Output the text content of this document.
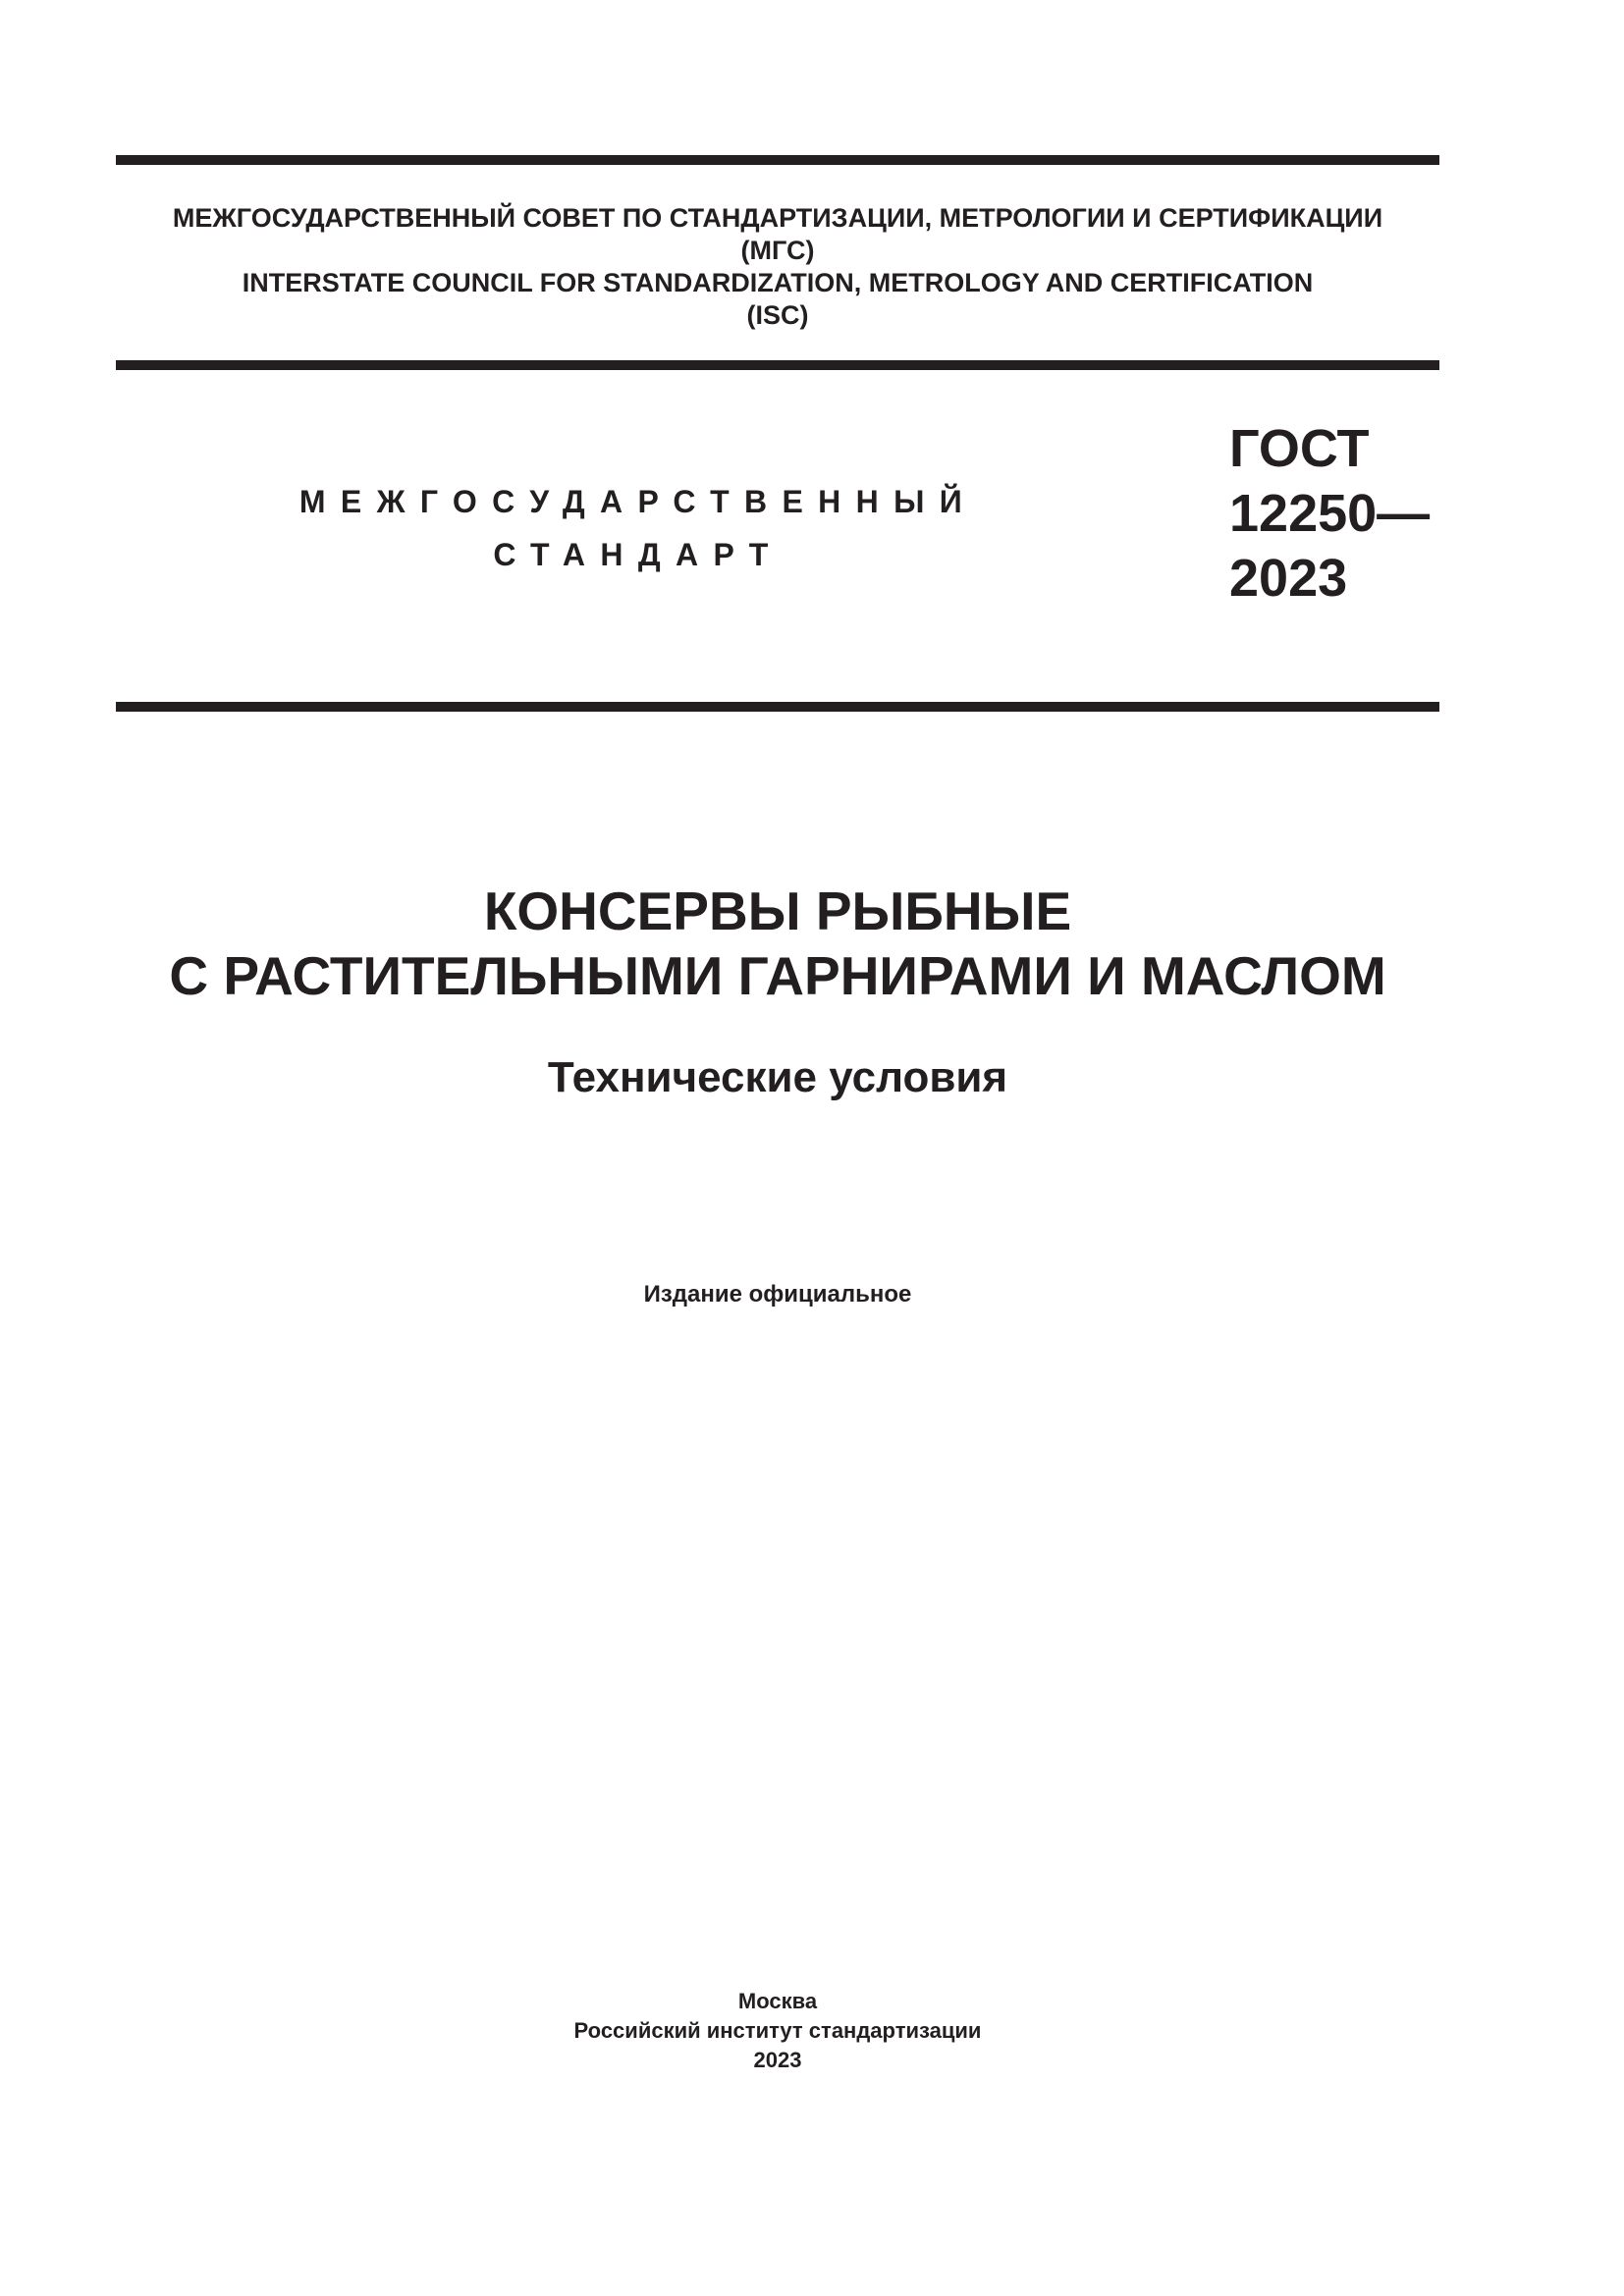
МЕЖГОСУДАРСТВЕННЫЙ СОВЕТ ПО СТАНДАРТИЗАЦИИ, МЕТРОЛОГИИ И СЕРТИФИКАЦИИ
(МГС)
INTERSTATE COUNCIL FOR STANDARDIZATION, METROLOGY AND CERTIFICATION
(ISC)
МЕЖГОСУДАРСТВЕННЫЙ
СТАНДАРТ
ГОСТ
12250—
2023
КОНСЕРВЫ РЫБНЫЕ
С РАСТИТЕЛЬНЫМИ ГАРНИРАМИ И МАСЛОМ
Технические условия
Издание официальное
Москва
Российский институт стандартизации
2023
